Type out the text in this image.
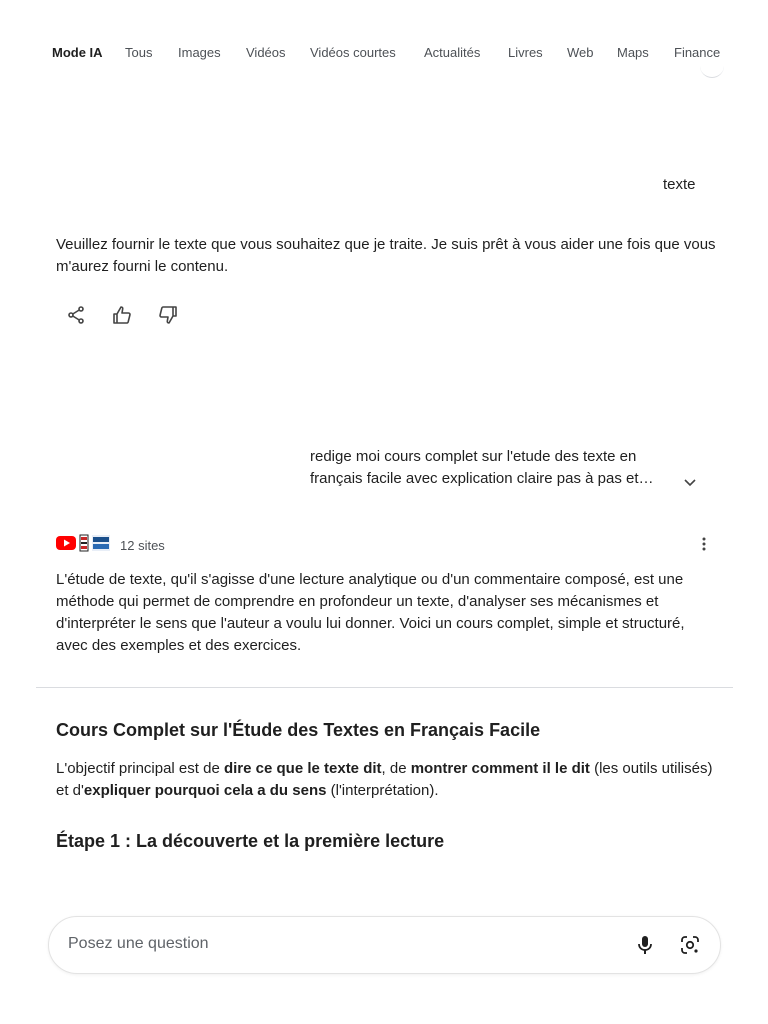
Mode IA Tous Images Vidéos Vidéos courtes Actualités Livres Web Maps Finance
texte
Veuillez fournir le texte que vous souhaitez que je traite. Je suis prêt à vous aider une fois que vous m'aurez fourni le contenu.
redige moi cours complet sur l'etude des texte en
français facile avec explication claire pas à pas et…
12 sites
L'étude de texte, qu'il s'agisse d'une lecture analytique ou d'un commentaire composé, est une méthode qui permet de comprendre en profondeur un texte, d'analyser ses mécanismes et d'interpréter le sens que l'auteur a voulu lui donner. Voici un cours complet, simple et structuré, avec des exemples et des exercices.
Cours Complet sur l'Étude des Textes en Français Facile
L'objectif principal est de dire ce que le texte dit, de montrer comment il le dit (les outils utilisés) et d'expliquer pourquoi cela a du sens (l'interprétation).
Étape 1 : La découverte et la première lecture
Posez une question
